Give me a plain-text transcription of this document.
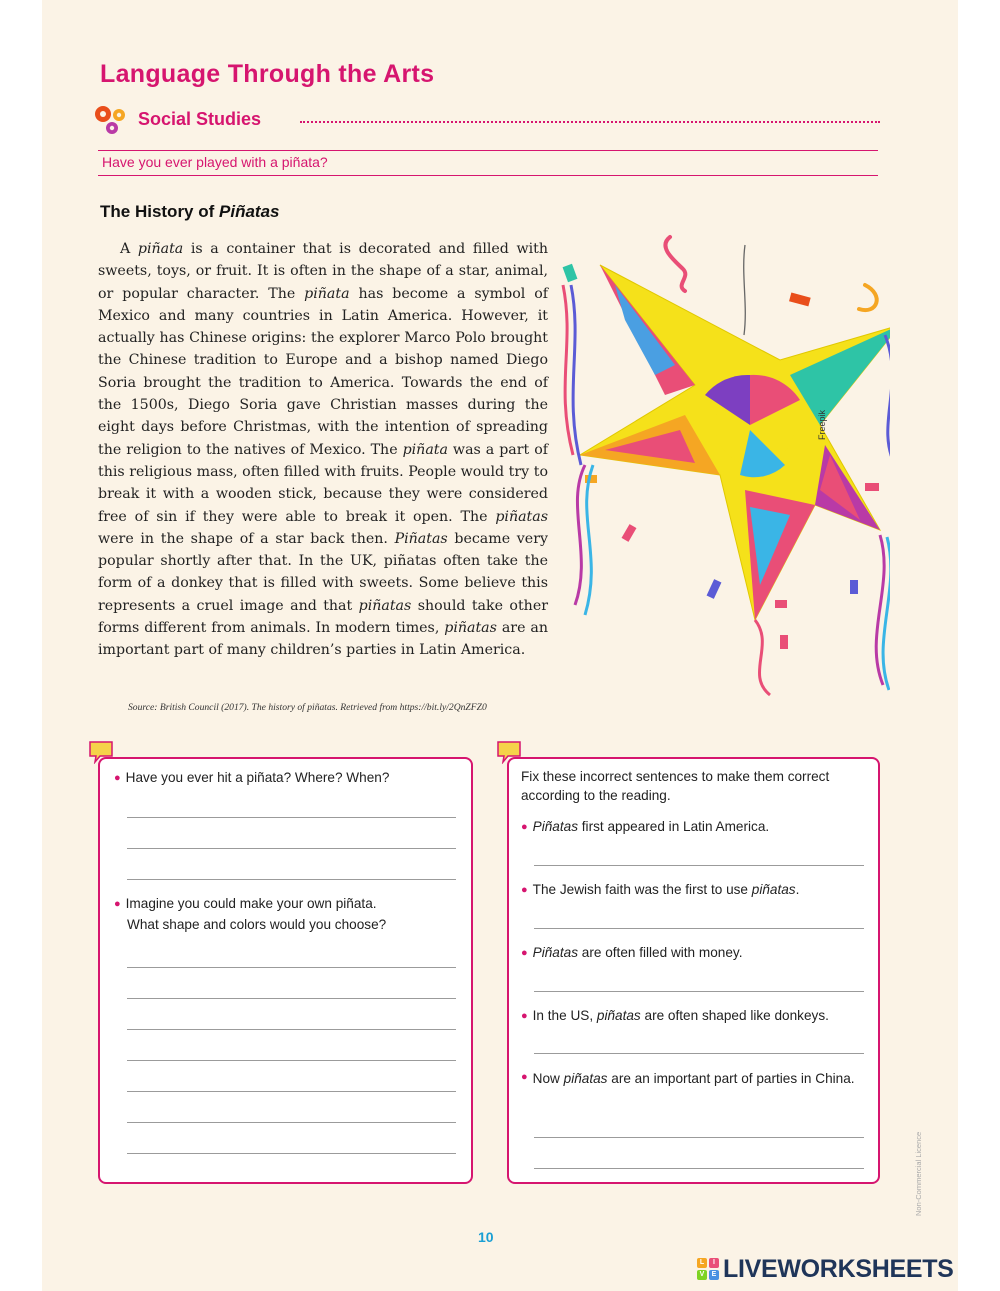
Language Through the Arts
Social Studies
Have you ever played with a piñata?
The History of Piñatas

A piñata is a container that is decorated and filled with sweets, toys, or fruit. It is often in the shape of a star, animal, or popular character. The piñata has become a symbol of Mexico and many countries in Latin America. However, it actually has Chinese origins: the explorer Marco Polo brought the Chinese tradition to Europe and a bishop named Diego Soria brought the tradition to America. Towards the end of the 1500s, Diego Soria gave Christian masses during the eight days before Christmas, with the intention of spreading the religion to the natives of Mexico. The piñata was a part of this religious mass, often filled with fruits. People would try to break it with a wooden stick, because they were considered free of sin if they were able to break it open. The piñatas were in the shape of a star back then. Piñatas became very popular shortly after that. In the UK, piñatas often take the form of a donkey that is filled with sweets. Some believe this represents a cruel image and that piñatas should take other forms different from animals. In modern times, piñatas are an important part of many children’s parties in Latin America.

Source: British Council (2017). The history of piñatas. Retrieved from https://bit.ly/2QnZFZ0
Freepik
● Have you ever hit a piñata? Where? When?
● Imagine you could make your own piñata.
What shape and colors would you choose?
Fix these incorrect sentences to make them correct
according to the reading.
● Piñatas first appeared in Latin America.
● The Jewish faith was the first to use piñatas.
● Piñatas are often filled with money.
● In the US, piñatas are often shaped like donkeys.
● Now piñatas are an important part of parties in China.
10
Non-Commercial Licence
L	I
V	E LIVEWORKSHEETS
